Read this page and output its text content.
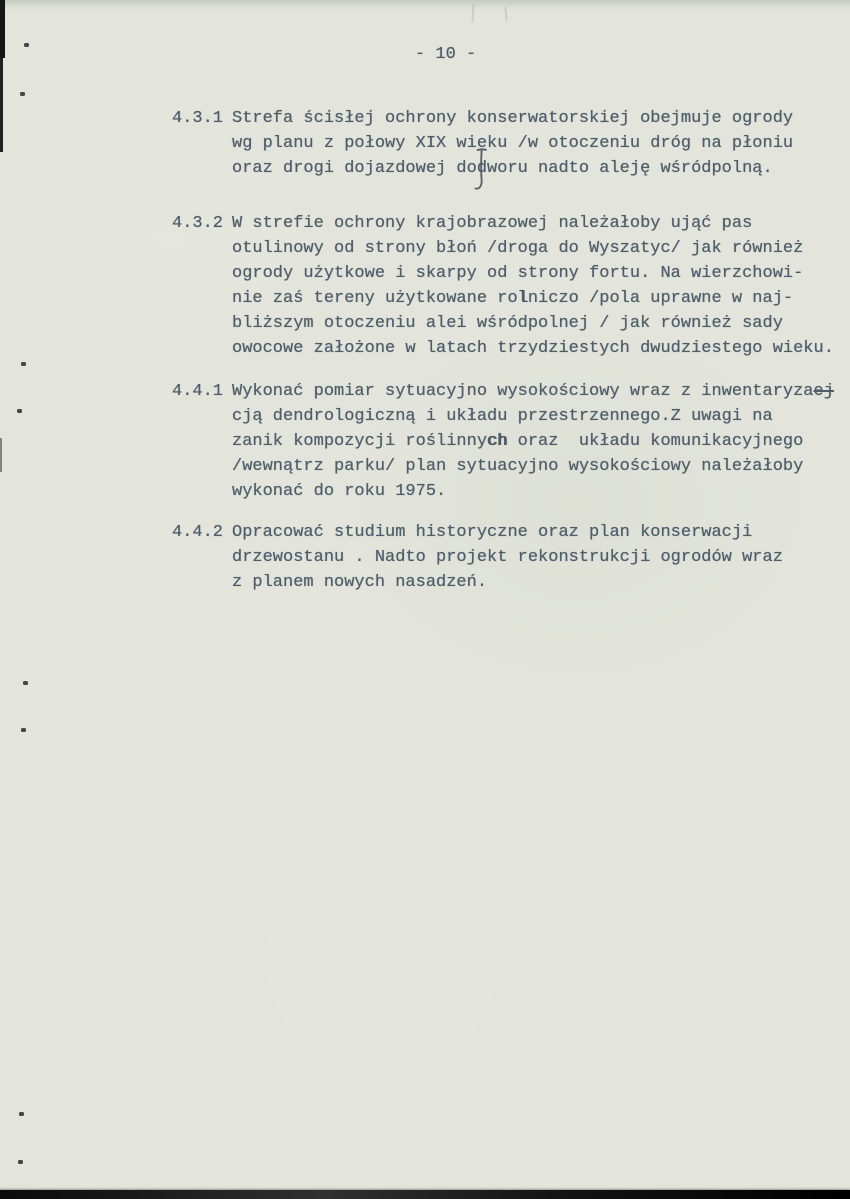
- 10 -
4.3.1 Strefa ścisłej ochrony konserwatorskiej obejmuje ogrody
wg planu z połowy XIX wieku /w otoczeniu dróg na płoniu
oraz drogi dojazdowej dodworu nadto aleję wśródpolną.
4.3.2 W strefie ochrony krajobrazowej należałoby ująć pas
otulinowy od strony błoń /droga do Wyszatyc/ jak również
ogrody użytkowe i skarpy od strony fortu. Na wierzchowi-
nie zaś tereny użytkowane rolniczo /pola uprawne w naj-
bliższym otoczeniu alei wśródpolnej / jak również sady
owocowe założone w latach trzydziestych dwudziestego wieku.
4.4.1 Wykonać pomiar sytuacyjno wysokościowy wraz z inwentaryzaej
cją dendrologiczną i układu przestrzennego.Z uwagi na
zanik kompozycji roślinnych oraz  układu komunikacyjnego
/wewnątrz parku/ plan sytuacyjno wysokościowy należałoby
wykonać do roku 1975.
4.4.2 Opracować studium historyczne oraz plan konserwacji
drzewostanu . Nadto projekt rekonstrukcji ogrodów wraz
z planem nowych nasadzeń.
